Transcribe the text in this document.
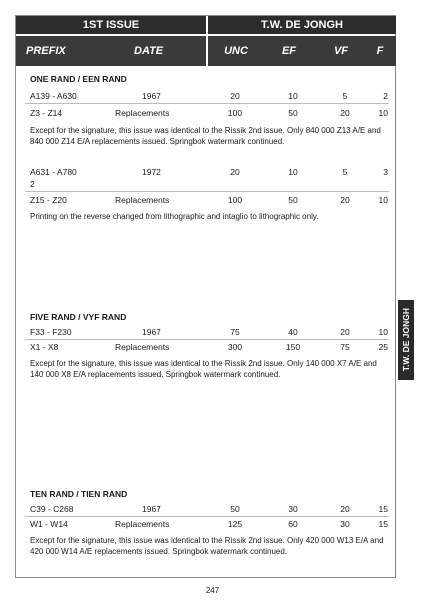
1ST ISSUE	T.W. DE JONGH
PREFIX	DATE	UNC	EF	VF	F
ONE RAND / EEN RAND
A139 - A630	1967	20	10	5	2
Z3 - Z14	Replacements	100	50	20	10
Except for the signature, this issue was identical to the Rissik 2nd issue. Only 840 000 Z13 A/E and 840 000 Z14 E/A replacements issued. Springbok watermark continued.
A631 - A780	1972	20	10	5	3
2
Z15 - Z20	Replacements	100	50	20	10
Printing on the reverse changed from lithographic and intaglio to lithographic only.
FIVE RAND / VYF RAND
F33 - F230	1967	75	40	20	10
X1 - X8	Replacements	300	150	75	25
Except for the signature, this issue was identical to the Rissik 2nd issue. Only 140 000 X7 A/E and 140 000 X8 E/A replacements issued. Springbok watermark continued.
TEN RAND / TIEN RAND
C39 - C268	1967	50	30	20	15
W1 - W14	Replacements	125	60	30	15
Except for the signature, this issue was identical to the Rissik 2nd issue. Only 420 000 W13 E/A and 420 000 W14 A/E replacements issued. Springbok watermark continued.
T.W. DE JONGH
247
